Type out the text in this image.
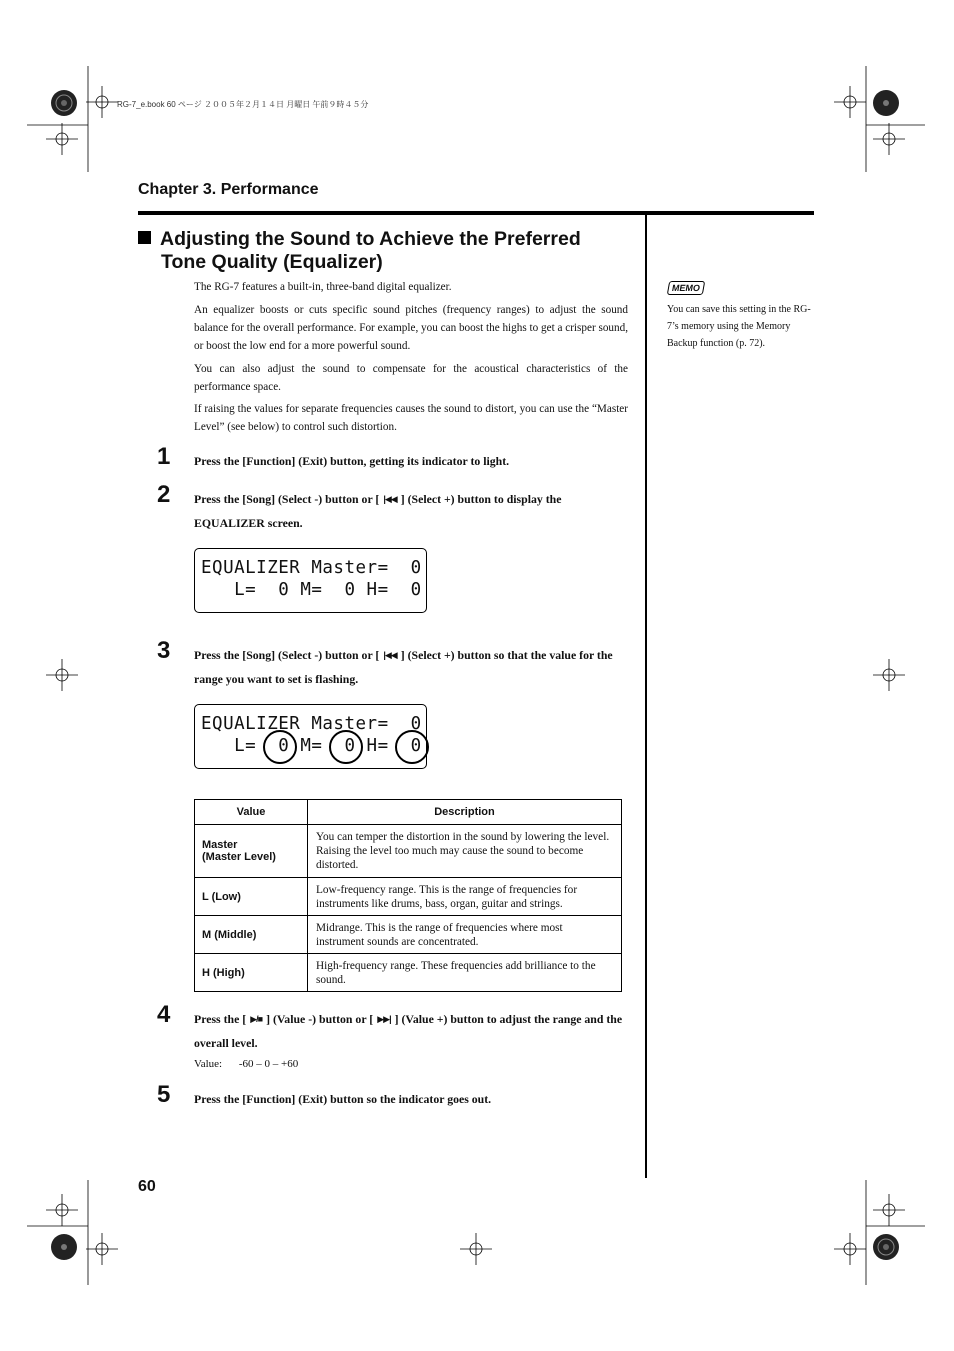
RG-7_e.book 60 ページ ２００５年２月１４日 月曜日 午前９時４５分
Chapter 3. Performance
Adjusting the Sound to Achieve the Preferred
Tone Quality (Equalizer)
The RG-7 features a built-in, three-band digital equalizer.
An equalizer boosts or cuts specific sound pitches (frequency ranges) to adjust the sound balance for the overall performance. For example, you can boost the highs to get a crisper sound, or boost the low end for a more powerful sound.
You can also adjust the sound to compensate for the acoustical characteristics of the performance space.
If raising the values for separate frequencies causes the sound to distort, you can use the “Master Level” (see below) to control such distortion.
1 Press the [Function] (Exit) button, getting its indicator to light.
2 Press the [Song] (Select -) button or [ |◀◀ ] (Select +) button to display the EQUALIZER screen.
EQUALIZER Master=  0
L=  0 M=  0 H=  0
3 Press the [Song] (Select -) button or [ |◀◀ ] (Select +) button so that the value for the range you want to set is flashing.
EQUALIZER Master=  0
L=  0 M=  0 H=  0
Value	Description

Master
(Master Level)	You can temper the distortion in the sound by lowering the level. Raising the level too much may cause the sound to become distorted.
L (Low)	Low-frequency range. This is the range of frequencies for instruments like drums, bass, organ, guitar and strings.
M (Middle)	Midrange. This is the range of frequencies where most instrument sounds are concentrated.
H (High)	High-frequency range. These frequencies add brilliance to the sound.
4 Press the [ ▶/■ ] (Value -) button or [ ▶▶| ] (Value +) button to adjust the range and the overall level.
Value: -60 – 0 – +60
5 Press the [Function] (Exit) button so the indicator goes out.
MEMO
You can save this setting in the RG-7’s memory using the Memory Backup function (p. 72).
60
